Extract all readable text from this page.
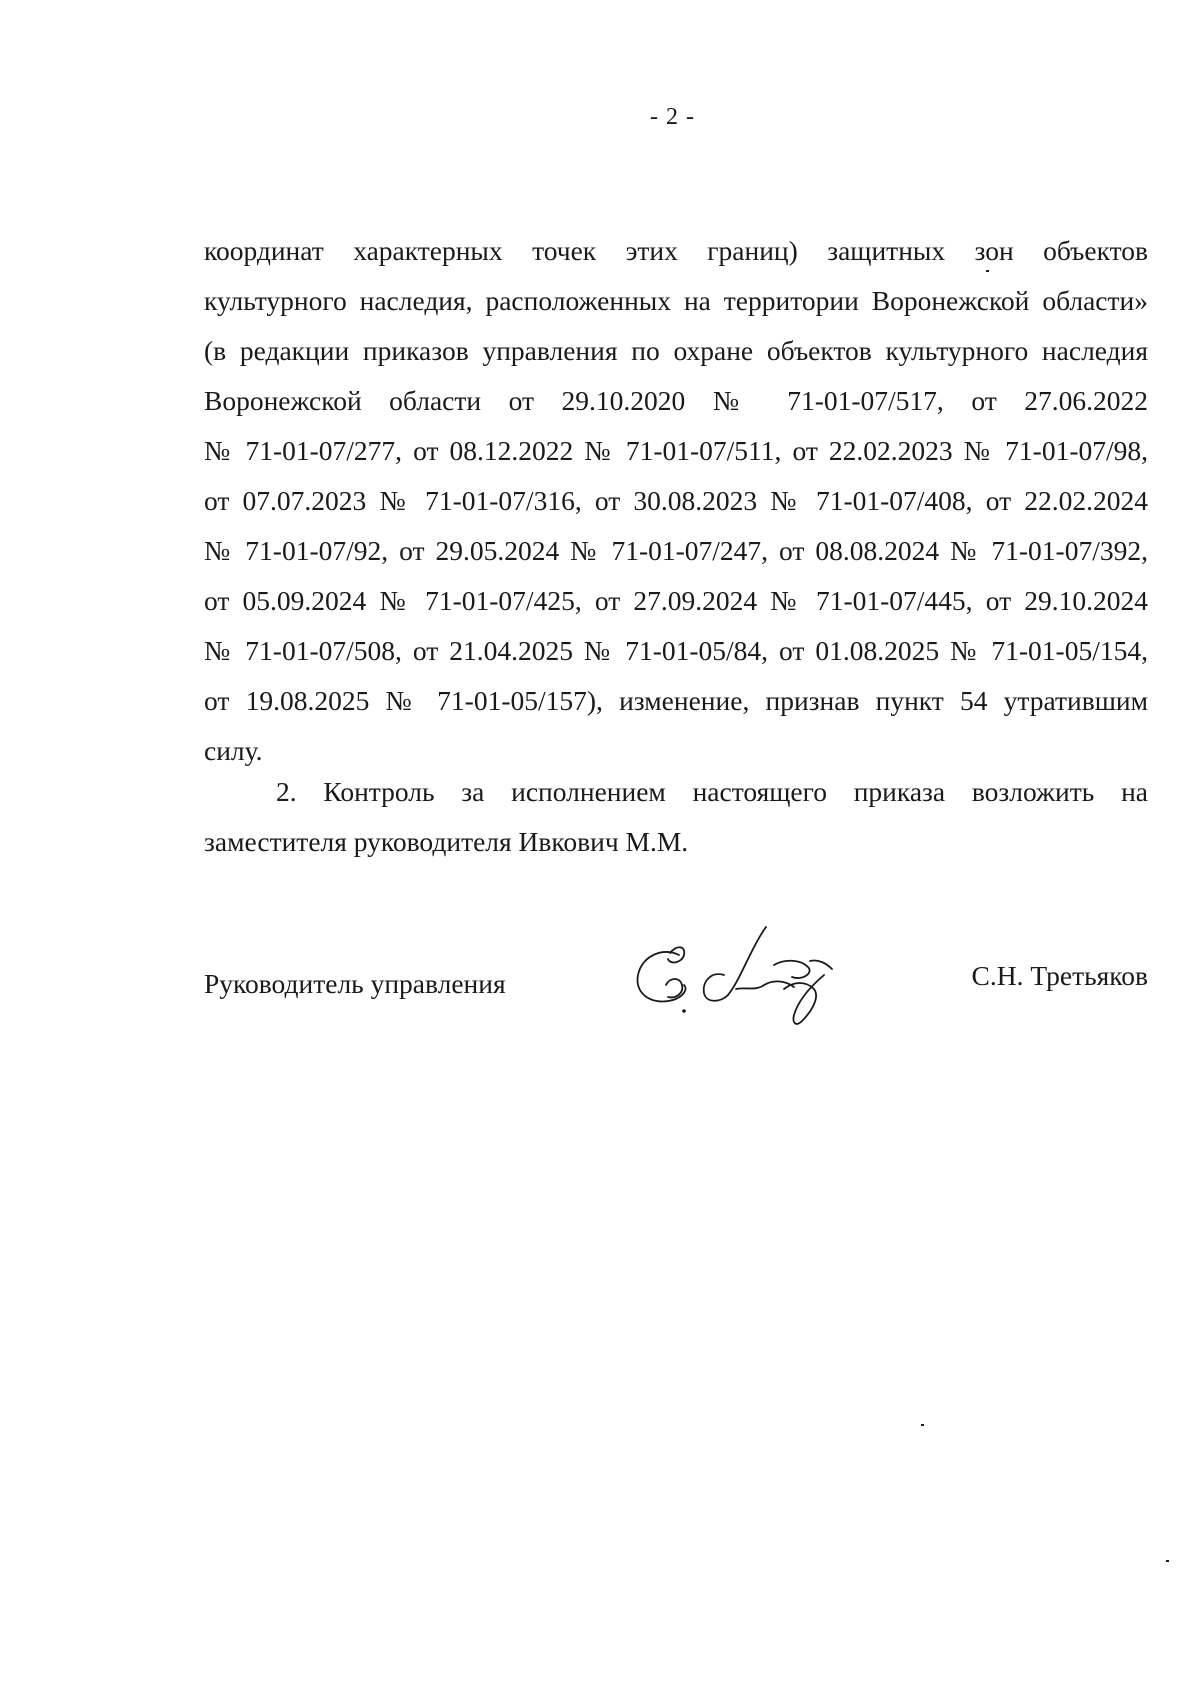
- 2 -
координат характерных точек этих границ) защитных зон объектов
культурного наследия, расположенных на территории Воронежской области»
(в редакции приказов управления по охране объектов культурного наследия
Воронежской области от 29.10.2020 № 71-01-07/517, от 27.06.2022
№ 71-01-07/277, от 08.12.2022 № 71-01-07/511, от 22.02.2023 № 71-01-07/98,
от 07.07.2023 № 71-01-07/316, от 30.08.2023 № 71-01-07/408, от 22.02.2024
№ 71-01-07/92, от 29.05.2024 № 71-01-07/247, от 08.08.2024 № 71-01-07/392,
от 05.09.2024 № 71-01-07/425, от 27.09.2024 № 71-01-07/445, от 29.10.2024
№ 71-01-07/508, от 21.04.2025 № 71-01-05/84, от 01.08.2025 № 71-01-05/154,
от 19.08.2025 № 71-01-05/157), изменение, признав пункт 54 утратившим
силу.
2. Контроль за исполнением настоящего приказа возложить на
заместителя руководителя Ивкович М.М.
Руководитель управления	С.Н. Третьяков
